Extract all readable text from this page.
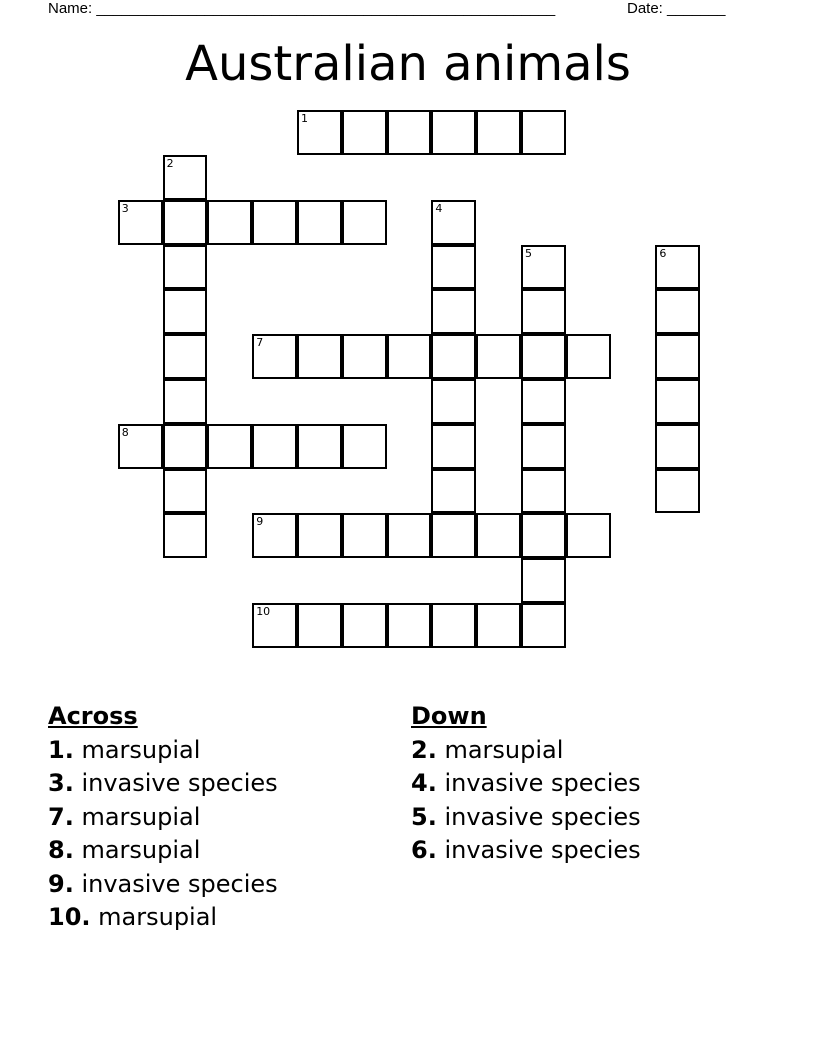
Name: _______________________________________________________	Date: _______
Australian animals
1
2
3	4
5	6
7
8
9
10
Across
1. marsupial
3. invasive species
7. marsupial
8. marsupial
9. invasive species
10. marsupial
Down
2. marsupial
4. invasive species
5. invasive species
6. invasive species
